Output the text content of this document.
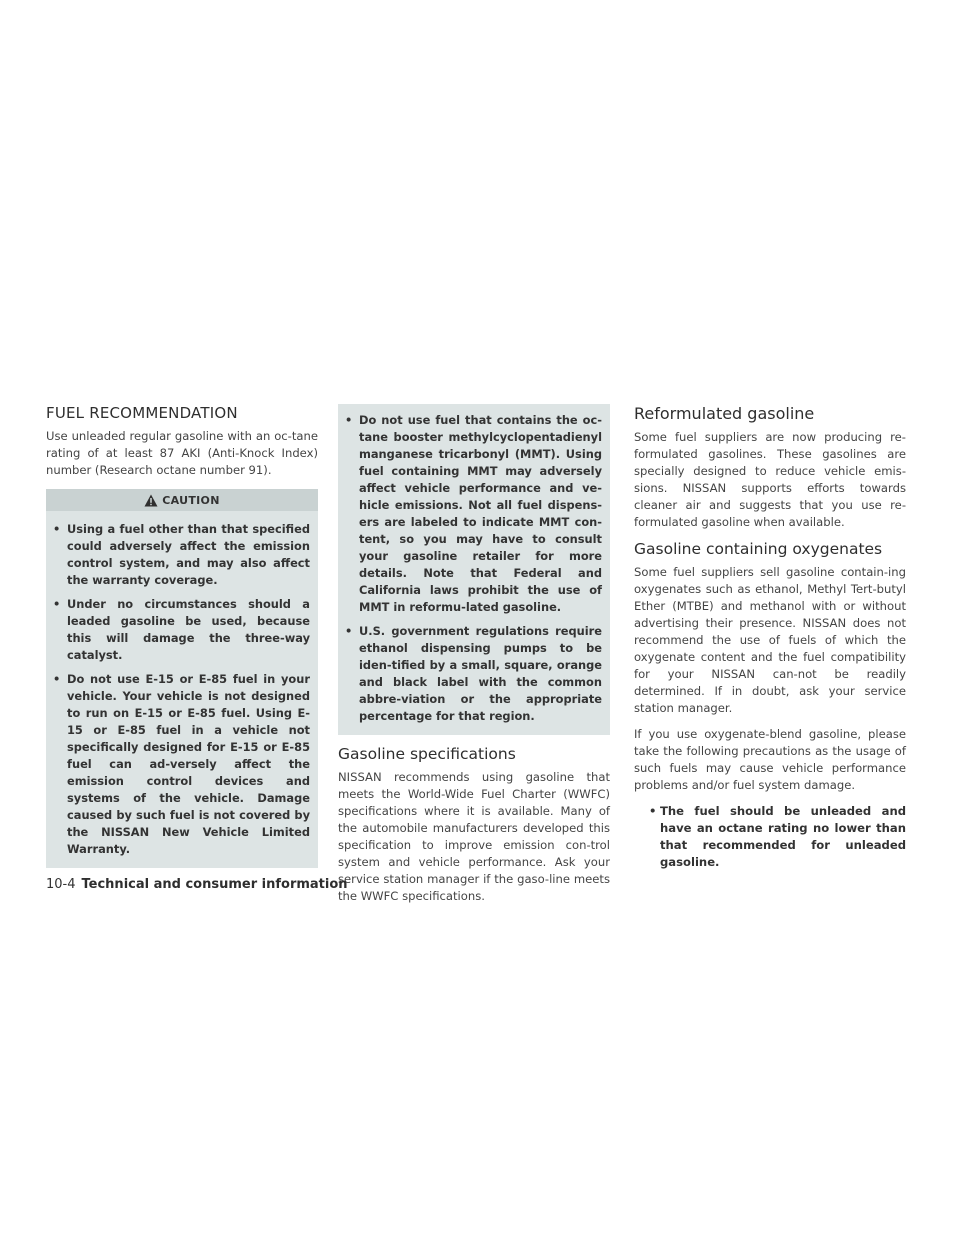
FUEL RECOMMENDATION

Use unleaded regular gasoline with an oc-tane rating of at least 87 AKI (Anti-Knock Index) number (Research octane number 91).

CAUTION
• Using a fuel other than that specified could adversely affect the emission control system, and may also affect the warranty coverage.
• Under no circumstances should a leaded gasoline be used, because this will damage the three-way catalyst.
• Do not use E-15 or E-85 fuel in your vehicle. Your vehicle is not designed to run on E-15 or E-85 fuel. Using E-15 or E-85 fuel in a vehicle not specifically designed for E-15 or E-85 fuel can ad-versely affect the emission control devices and systems of the vehicle. Damage caused by such fuel is not covered by the NISSAN New Vehicle Limited Warranty.
• Do not use fuel that contains the oc-tane booster methylcyclopentadienyl manganese tricarbonyl (MMT). Using fuel containing MMT may adversely affect vehicle performance and ve-hicle emissions. Not all fuel dispens-ers are labeled to indicate MMT con-tent, so you may have to consult your gasoline retailer for more details. Note that Federal and California laws prohibit the use of MMT in reformu-lated gasoline.
• U.S. government regulations require ethanol dispensing pumps to be iden-tified by a small, square, orange and black label with the common abbre-viation or the appropriate percentage for that region.
Gasoline specifications

NISSAN recommends using gasoline that meets the World-Wide Fuel Charter (WWFC) specifications where it is available. Many of the automobile manufacturers developed this specification to improve emission con-trol system and vehicle performance. Ask your service station manager if the gaso-line meets the WWFC specifications.

Reformulated gasoline

Some fuel suppliers are now producing re-formulated gasolines. These gasolines are specially designed to reduce vehicle emis-sions. NISSAN supports efforts towards cleaner air and suggests that you use re-formulated gasoline when available.

Gasoline containing oxygenates

Some fuel suppliers sell gasoline contain-ing oxygenates such as ethanol, Methyl Tert-butyl Ether (MTBE) and methanol with or without advertising their presence. NISSAN does not recommend the use of fuels of which the oxygenate content and the fuel compatibility for your NISSAN can-not be readily determined. If in doubt, ask your service station manager.

If you use oxygenate-blend gasoline, please take the following precautions as the usage of such fuels may cause vehicle performance problems and/or fuel system damage.

• The fuel should be unleaded and have an octane rating no lower than that recommended for unleaded gasoline.
10-4 Technical and consumer information
